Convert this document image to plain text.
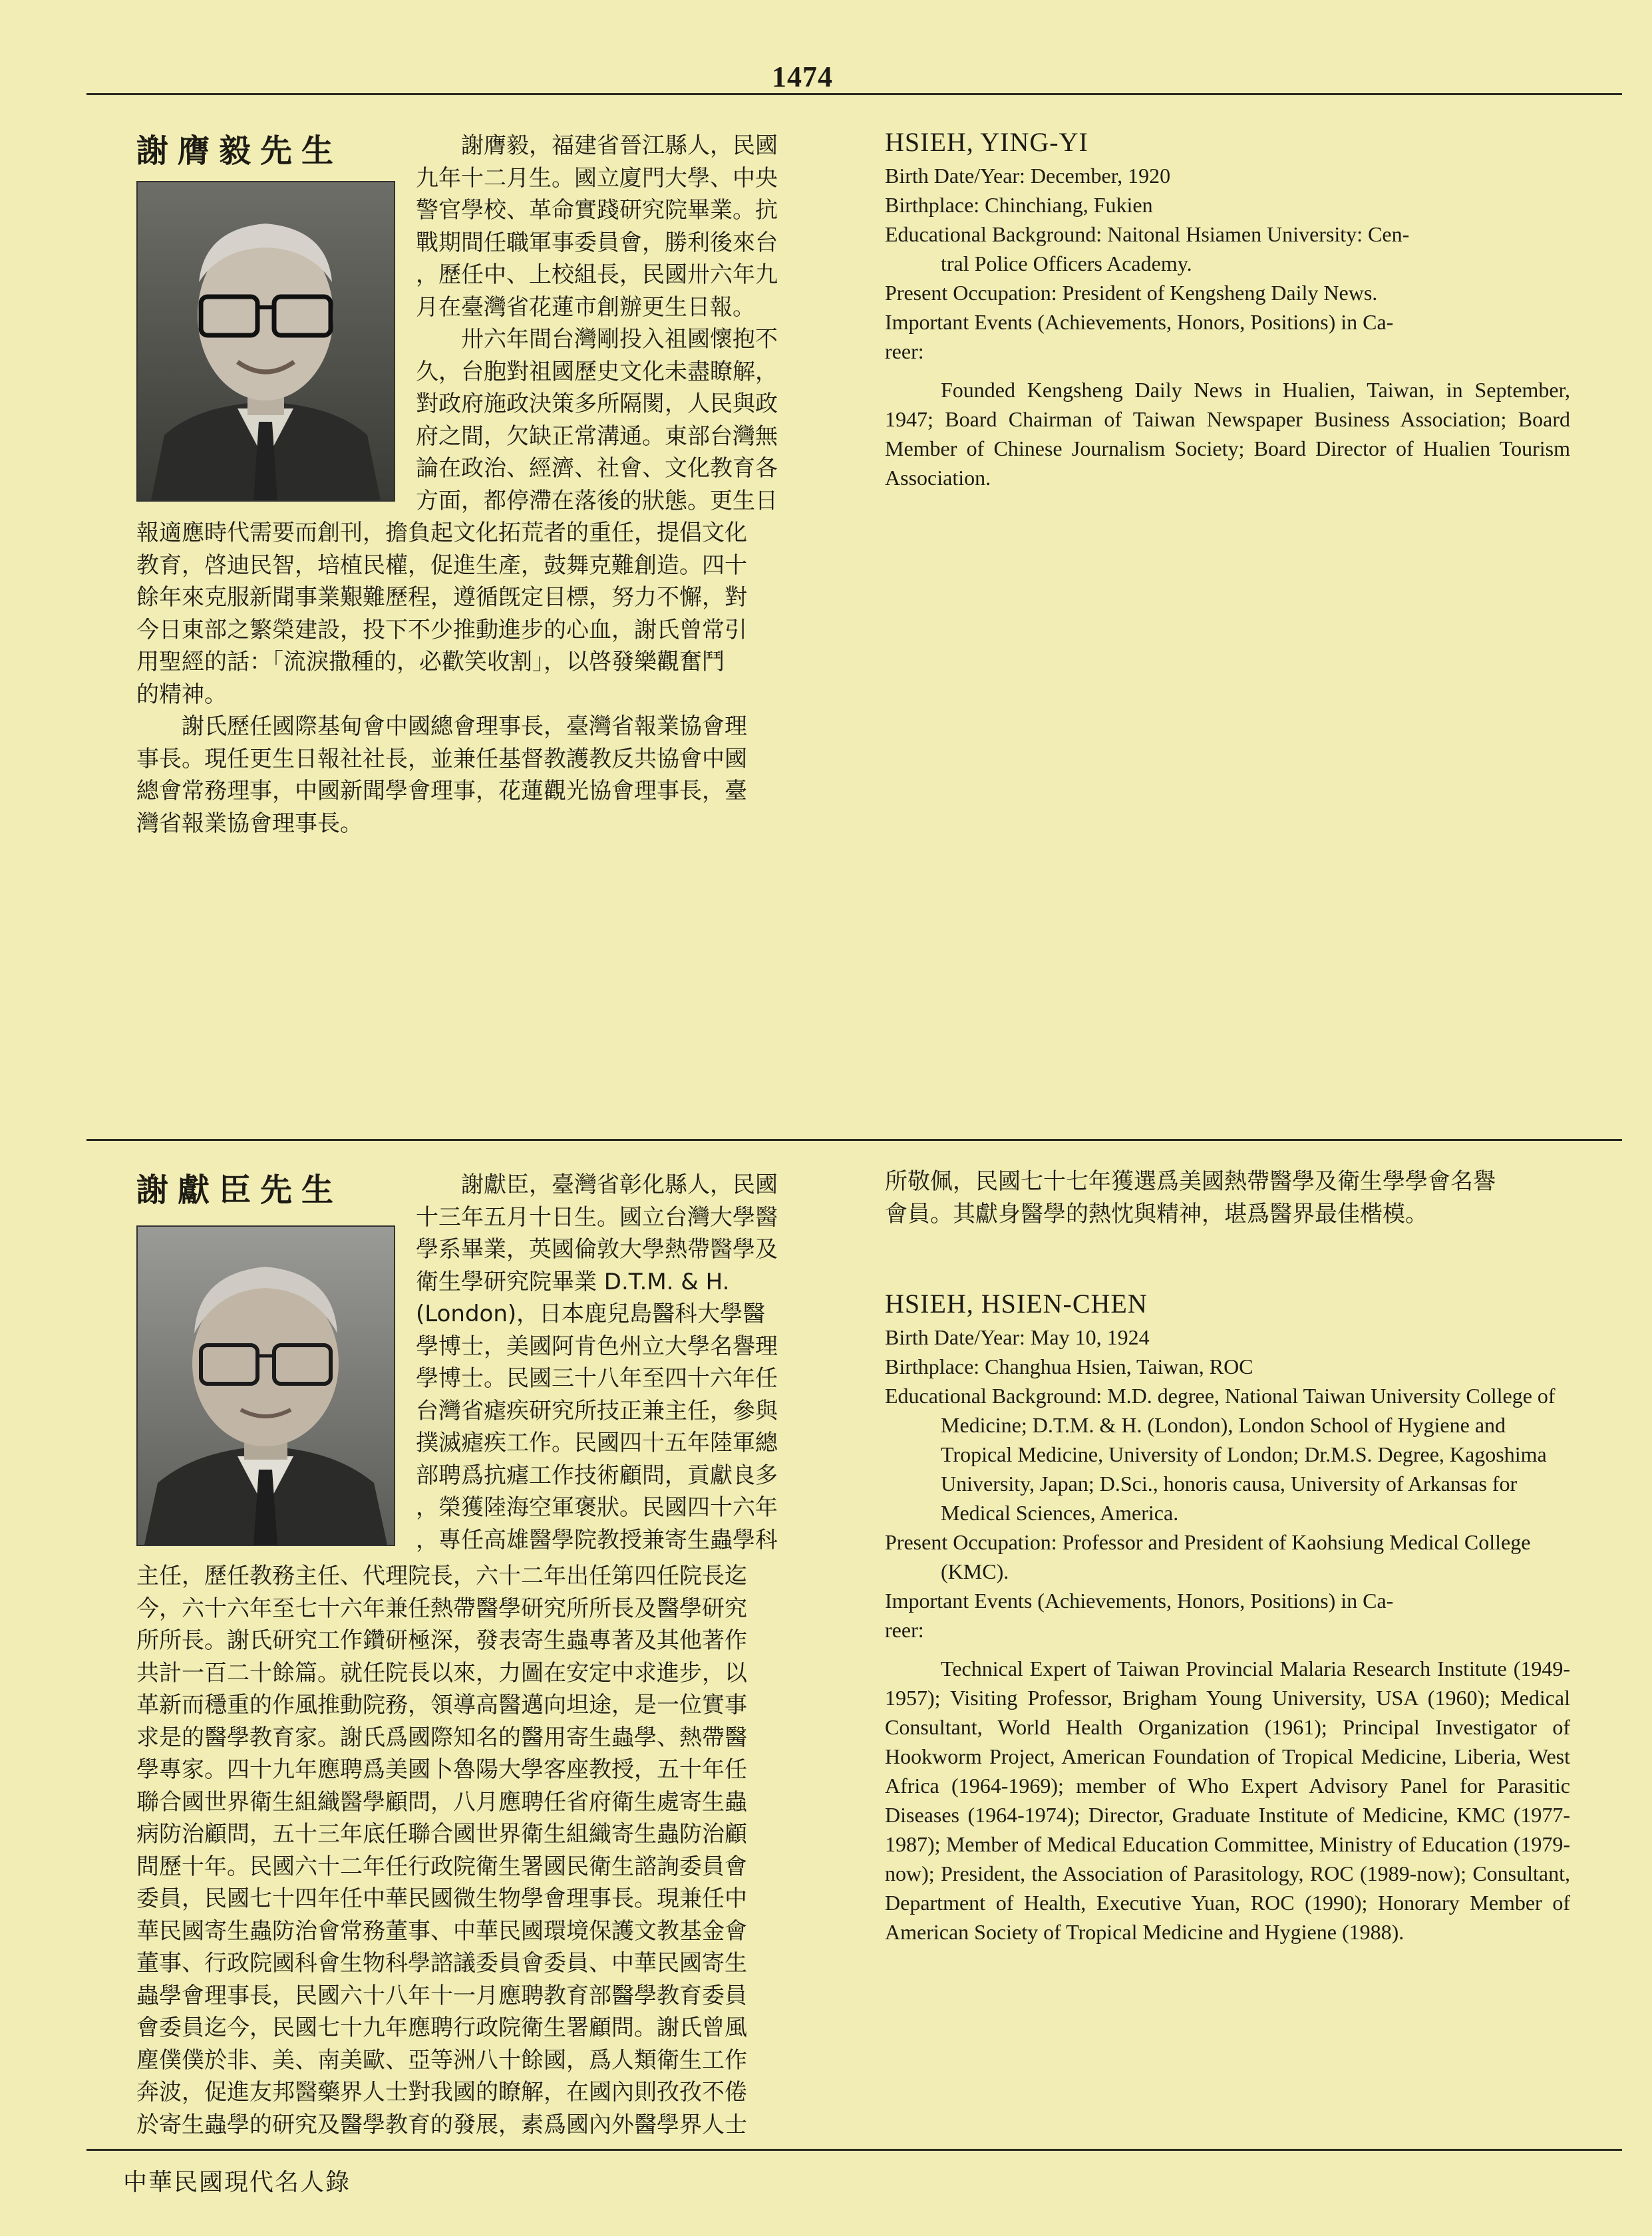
1474
謝膺毅先生	謝膺毅，福建省晉江縣人，民國
九年十二月生。國立廈門大學、中央
警官學校、革命實踐研究院畢業。抗
戰期間任職軍事委員會，勝利後來台
，歷任中、上校組長，民國卅六年九
月在臺灣省花蓮市創辦更生日報。
卅六年間台灣剛投入祖國懷抱不
久，台胞對祖國歷史文化未盡瞭解，
對政府施政決策多所隔閡，人民與政
府之間，欠缺正常溝通。東部台灣無
論在政治、經濟、社會、文化教育各
方面，都停滯在落後的狀態。更生日
報適應時代需要而創刊，擔負起文化拓荒者的重任，提倡文化
教育，啓迪民智，培植民權，促進生產，鼓舞克難創造。四十
餘年來克服新聞事業艱難歷程，遵循旣定目標，努力不懈，對
今日東部之繁榮建設，投下不少推動進步的心血，謝氏曾常引
用聖經的話：「流淚撒種的，必歡笑收割」，以啓發樂觀奮鬥
的精神。
謝氏歷任國際基甸會中國總會理事長，臺灣省報業協會理
事長。現任更生日報社社長，並兼任基督教護教反共協會中國
總會常務理事，中國新聞學會理事，花蓮觀光協會理事長，臺
灣省報業協會理事長。
HSIEH, YING-YI
Birth Date/Year: December, 1920
Birthplace: Chinchiang, Fukien
Educational Background: Naitonal Hsiamen University: Cen-
tral Police Officers Academy.
Present Occupation: President of Kengsheng Daily News.
Important Events (Achievements, Honors, Positions) in Ca-
reer:

Founded Kengsheng Daily News in Hualien, Taiwan, in September, 1947; Board Chairman of Taiwan Newspaper Business Association; Board Member of Chinese Journalism Society; Board Director of Hualien Tourism Association.

謝獻臣先生	謝獻臣，臺灣省彰化縣人，民國
十三年五月十日生。國立台灣大學醫
學系畢業，英國倫敦大學熱帶醫學及
衛生學研究院畢業 D.T.M. & H.
(London)，日本鹿兒島醫科大學醫
學博士，美國阿肯色州立大學名譽理
學博士。民國三十八年至四十六年任
台灣省瘧疾研究所技正兼主任，參與
撲滅瘧疾工作。民國四十五年陸軍總
部聘爲抗瘧工作技術顧問，貢獻良多
，榮獲陸海空軍褒狀。民國四十六年
，專任高雄醫學院教授兼寄生蟲學科
主任，歷任教務主任、代理院長，六十二年出任第四任院長迄
今，六十六年至七十六年兼任熱帶醫學研究所所長及醫學研究
所所長。謝氏研究工作鑽研極深，發表寄生蟲專著及其他著作
共計一百二十餘篇。就任院長以來，力圖在安定中求進步，以
革新而穩重的作風推動院務，領導高醫邁向坦途，是一位實事
求是的醫學教育家。謝氏爲國際知名的醫用寄生蟲學、熱帶醫
學專家。四十九年應聘爲美國卜魯陽大學客座教授，五十年任
聯合國世界衛生組織醫學顧問，八月應聘任省府衛生處寄生蟲
病防治顧問，五十三年底任聯合國世界衛生組織寄生蟲防治顧
問歷十年。民國六十二年任行政院衛生署國民衛生諮詢委員會
委員，民國七十四年任中華民國微生物學會理事長。現兼任中
華民國寄生蟲防治會常務董事、中華民國環境保護文教基金會
董事、行政院國科會生物科學諮議委員會委員、中華民國寄生
蟲學會理事長，民國六十八年十一月應聘教育部醫學教育委員
會委員迄今，民國七十九年應聘行政院衛生署顧問。謝氏曾風
塵僕僕於非、美、南美歐、亞等洲八十餘國，爲人類衛生工作
奔波，促進友邦醫藥界人士對我國的瞭解，在國內則孜孜不倦
於寄生蟲學的研究及醫學教育的發展，素爲國內外醫學界人士
所敬佩，民國七十七年獲選爲美國熱帶醫學及衛生學學會名譽
會員。其獻身醫學的熱忱與精神，堪爲醫界最佳楷模。
HSIEH, HSIEN-CHEN
Birth Date/Year: May 10, 1924
Birthplace: Changhua Hsien, Taiwan, ROC

Educational Background: M.D. degree, National Taiwan University College of Medicine; D.T.M. & H. (London), London School of Hygiene and Tropical Medicine, University of London; Dr.M.S. Degree, Kagoshima University, Japan; D.Sci., honoris causa, University of Arkansas for Medical Sciences, America.

Present Occupation: Professor and President of Kaohsiung Medical College (KMC).

Important Events (Achievements, Honors, Positions) in Ca-
reer:

Technical Expert of Taiwan Provincial Malaria Research Institute (1949-1957); Visiting Professor, Brigham Young University, USA (1960); Medical Consultant, World Health Organization (1961); Principal Investigator of Hookworm Project, American Foundation of Tropical Medicine, Liberia, West Africa (1964-1969); member of Who Expert Advisory Panel for Parasitic Diseases (1964-1974); Director, Graduate Institute of Medicine, KMC (1977-1987); Member of Medical Education Committee, Ministry of Education (1979-now); President, the Association of Parasitology, ROC (1989-now); Consultant, Department of Health, Executive Yuan, ROC (1990); Honorary Member of American Society of Tropical Medicine and Hygiene (1988).

中華民國現代名人錄
